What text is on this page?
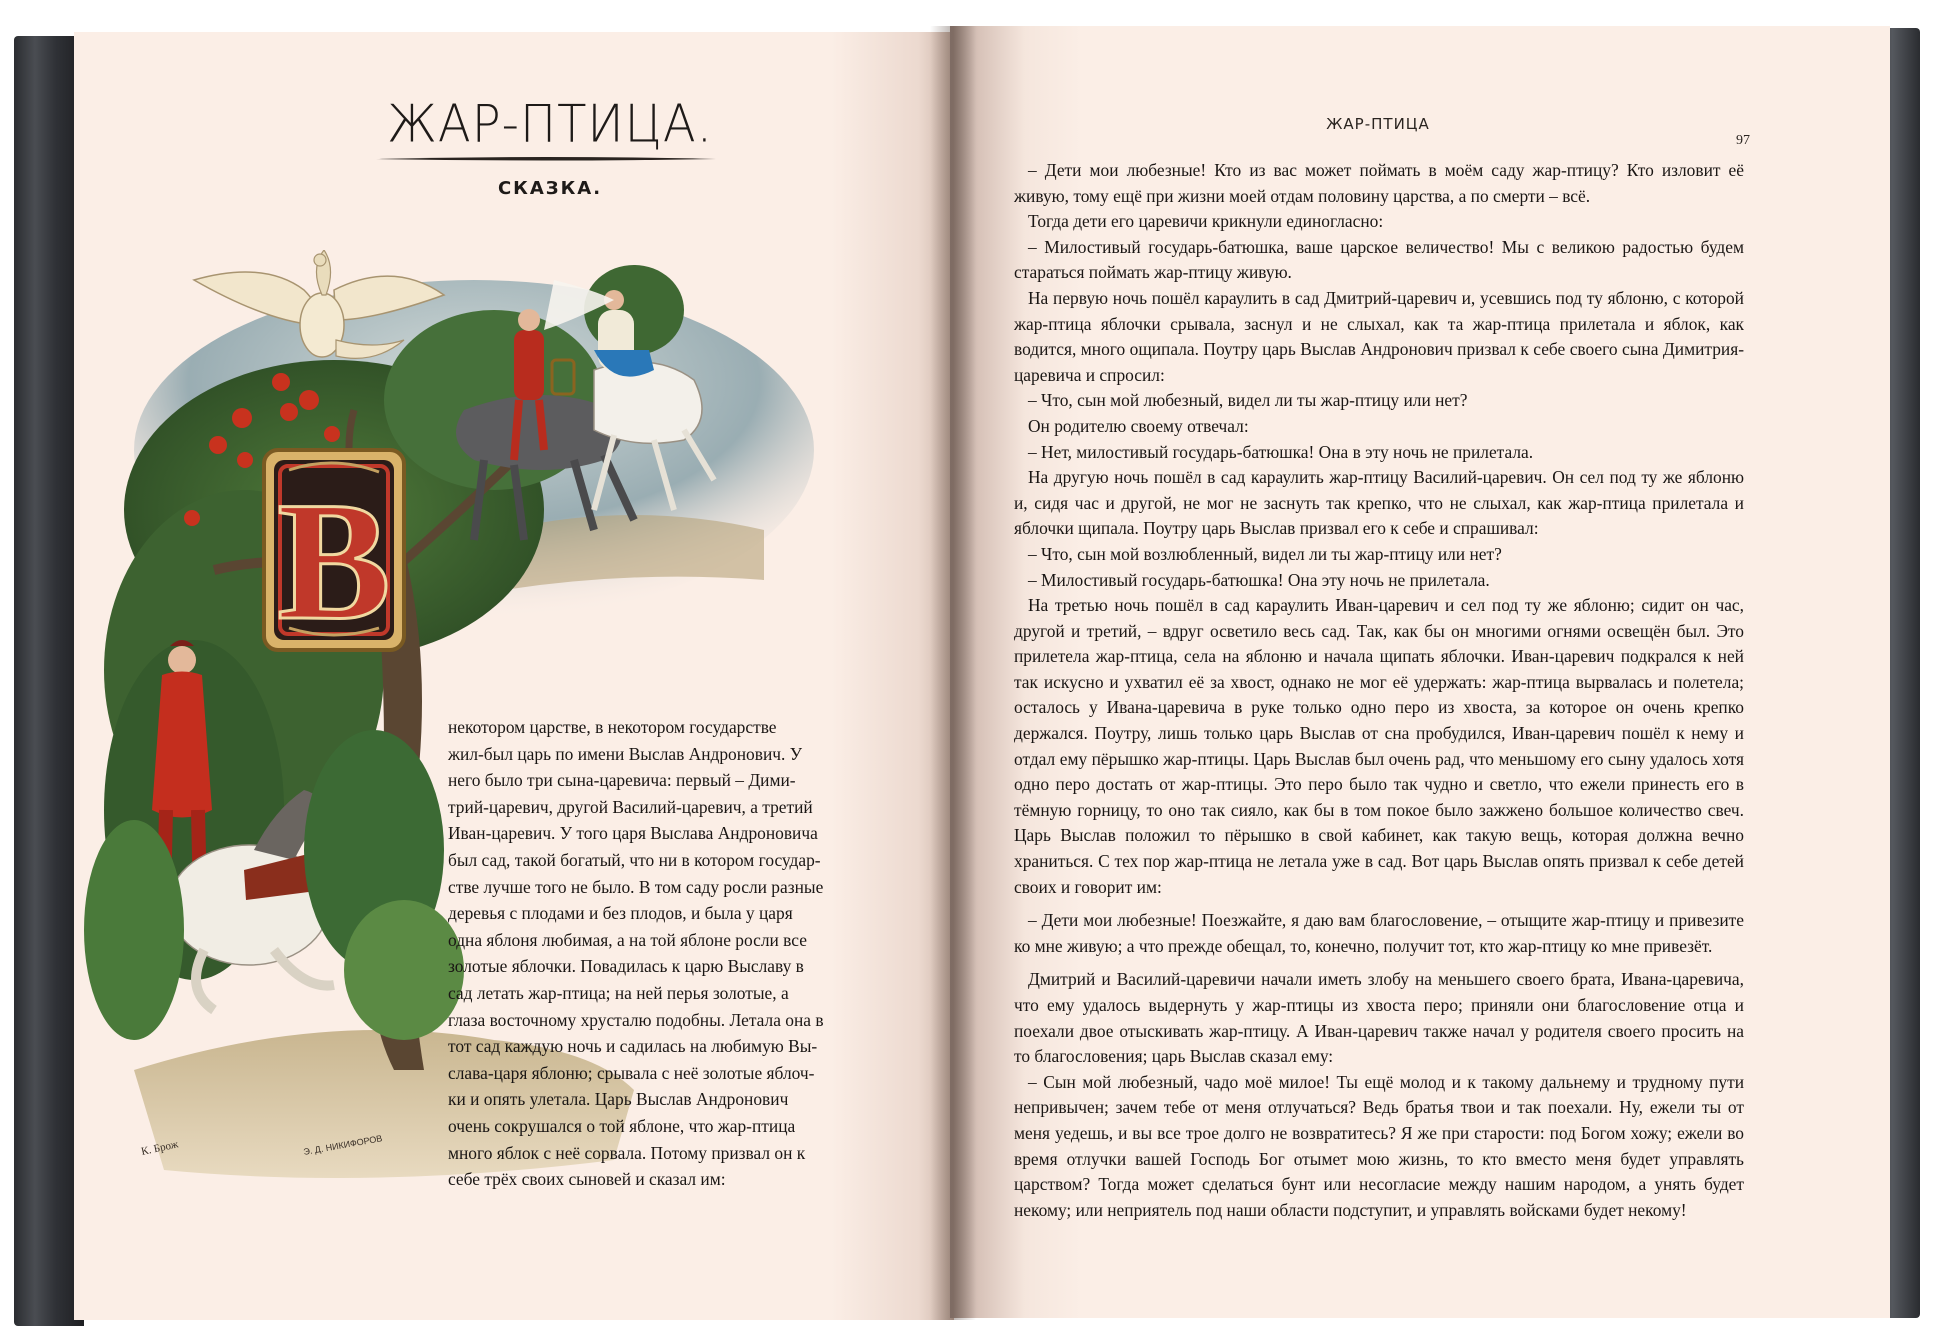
ЖАР-ПТИЦА.
СКАЗКА.
В
К. Брож	Э. Д. НИКИФОРОВ

некотором царстве, в некотором государстве

жил-был царь по имени Выслав Андронович. У

него было три сына-царевича: первый – Дими-

трий-царевич, другой Василий-царевич, а третий

Иван-царевич. У того царя Выслава Андроновича

был сад, такой богатый, что ни в котором государ-

стве лучше того не было. В том саду росли разные

деревья с плодами и без плодов, и была у царя

одна яблоня любимая, а на той яблоне росли все

золотые яблочки. Повадилась к царю Выславу в

сад летать жар-птица; на ней перья золотые, а

глаза восточному хрусталю подобны. Летала она в

тот сад каждую ночь и садилась на любимую Вы-

слава-царя яблоню; срывала с неё золотые яблоч-

ки и опять улетала. Царь Выслав Андронович

очень сокрушался о той яблоне, что жар-птица

много яблок с неё сорвала. Потому призвал он к

себе трёх своих сыновей и сказал им:

ЖАР-ПТИЦА
97

– Дети мои любезные! Кто из вас может поймать в моём саду жар-птицу? Кто изловит её живую, тому ещё при жизни моей отдам половину царства, а по смерти – всё.

Тогда дети его царевичи крикнули единогласно:

– Милостивый государь-батюшка, ваше царское величество! Мы с великою радостью будем стараться поймать жар-птицу живую.

На первую ночь пошёл караулить в сад Дмитрий-царевич и, усевшись под ту яблоню, с которой жар-птица яблочки срывала, заснул и не слыхал, как та жар-птица прилетала и яблок, как водится, много ощипала. Поутру царь Выслав Андронович призвал к себе своего сына Димитрия-царевича и спросил:

– Что, сын мой любезный, видел ли ты жар-птицу или нет?

Он родителю своему отвечал:

– Нет, милостивый государь-батюшка! Она в эту ночь не прилетала.

На другую ночь пошёл в сад караулить жар-птицу Василий-царевич. Он сел под ту же яблоню и, сидя час и другой, не мог не заснуть так крепко, что не слыхал, как жар-птица прилетала и яблочки щипала. Поутру царь Выслав призвал его к себе и спрашивал:

– Что, сын мой возлюбленный, видел ли ты жар-птицу или нет?

– Милостивый государь-батюшка! Она эту ночь не прилетала.

На третью ночь пошёл в сад караулить Иван-царевич и сел под ту же яблоню; сидит он час, другой и третий, – вдруг осветило весь сад. Так, как бы он многими огнями освещён был. Это прилетела жар-птица, села на яблоню и начала щипать яблочки. Иван-царевич подкрался к ней так искусно и ухватил её за хвост, однако не мог её удержать: жар-птица вырвалась и полетела; осталось у Ивана-царевича в руке только одно перо из хвоста, за которое он очень крепко держался. Поутру, лишь только царь Выслав от сна пробудился, Иван-царевич пошёл к нему и отдал ему пёрышко жар-птицы. Царь Выслав был очень рад, что меньшому его сыну удалось хотя одно перо достать от жар-птицы. Это перо было так чудно и светло, что ежели принесть его в тёмную горницу, то оно так сияло, как бы в том покое было зажжено большое количество свеч. Царь Выслав положил то пёрышко в свой кабинет, как такую вещь, которая должна вечно храниться. С тех пор жар-птица не летала уже в сад. Вот царь Выслав опять призвал к себе детей своих и говорит им:

– Дети мои любезные! Поезжайте, я даю вам благословение, – отыщите жар-птицу и привезите ко мне живую; а что прежде обещал, то, конечно, получит тот, кто жар-птицу ко мне привезёт.

Дмитрий и Василий-царевичи начали иметь злобу на меньшего своего брата, Ивана-царевича, что ему удалось выдернуть у жар-птицы из хвоста перо; приняли они благословение отца и поехали двое отыскивать жар-птицу. А Иван-царевич также начал у родителя своего просить на то благословения; царь Выслав сказал ему:

– Сын мой любезный, чадо моё милое! Ты ещё молод и к такому дальнему и трудному пути непривычен; зачем тебе от меня отлучаться? Ведь братья твои и так поехали. Ну, ежели ты от меня уедешь, и вы все трое долго не возвратитесь? Я же при старости: под Богом хожу; ежели во время отлучки вашей Господь Бог отымет мою жизнь, то кто вместо меня будет управлять царством? Тогда может сделаться бунт или несогласие между нашим народом, а унять будет некому; или неприятель под наши области подступит, и управлять войсками будет некому!
